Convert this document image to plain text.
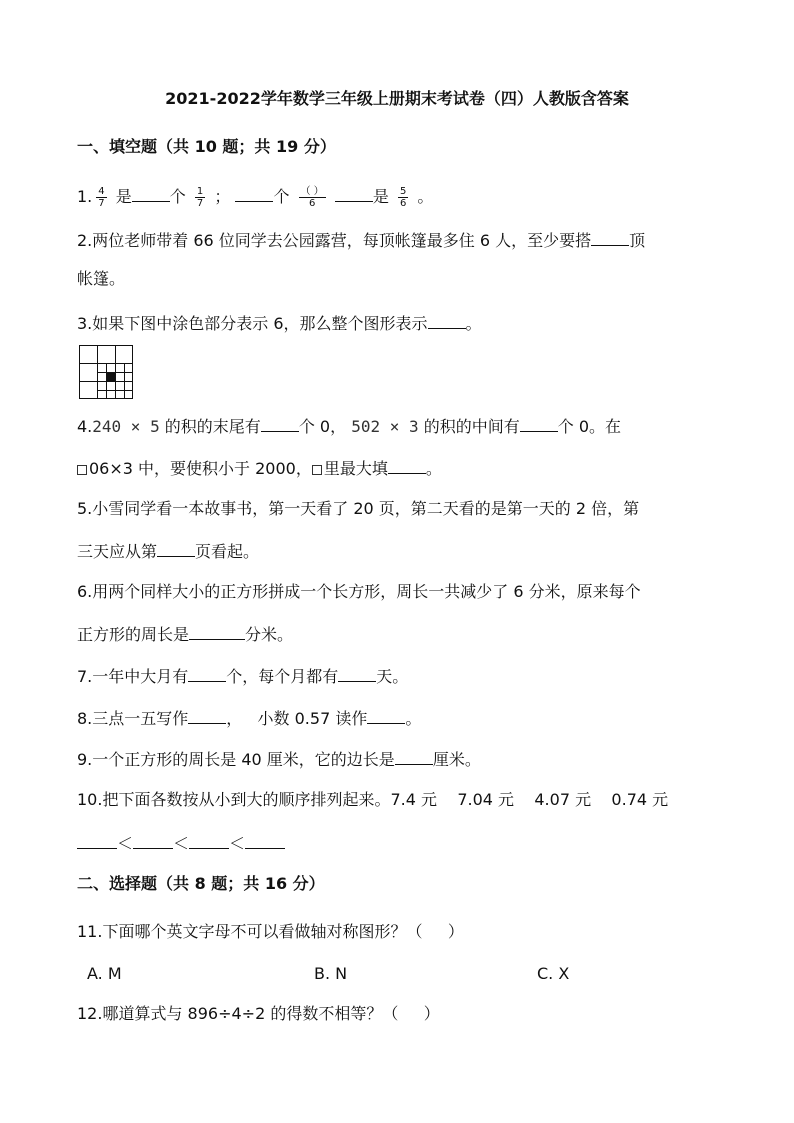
2021-2022学年数学三年级上册期末考试卷（四）人教版含答案
一、填空题（共 10 题；共 19 分）
1. $\frac{4}{7}$ 是 个 $\frac{1}{7}$ ；	个 $\frac{( )}{6}$	是 $\frac{5}{6}$ 。
2.两位老师带着 66 位同学去公园露营，每顶帐篷最多住 6 人，至少要搭 顶
帐篷。
3.如果下图中涂色部分表示 6，那么整个图形表示 。
4.240 × 5 的积的末尾有 个 0， 502 × 3 的积的中间有 个 0。在
06×3 中，要使积小于 2000， 里最大填 。
5.小雪同学看一本故事书，第一天看了 20 页，第二天看的是第一天的 2 倍，第
三天应从第 页看起。
6.用两个同样大小的正方形拼成一个长方形，周长一共减少了 6 分米，原来每个
正方形的周长是	分米。
7.一年中大月有 个，每个月都有 天。
8.三点一五写作 ，   小数 0.57 读作 。
9.一个正方形的周长是 40 厘米，它的边长是 厘米。
10.把下面各数按从小到大的顺序排列起来。7.4 元    7.04 元    4.07 元    0.74 元
＜	＜	＜
二、选择题（共 8 题；共 16 分）
11.下面哪个英文字母不可以看做轴对称图形？（     ）
A. M	B. N	C. X
12.哪道算式与 896÷4÷2 的得数不相等？（     ）
